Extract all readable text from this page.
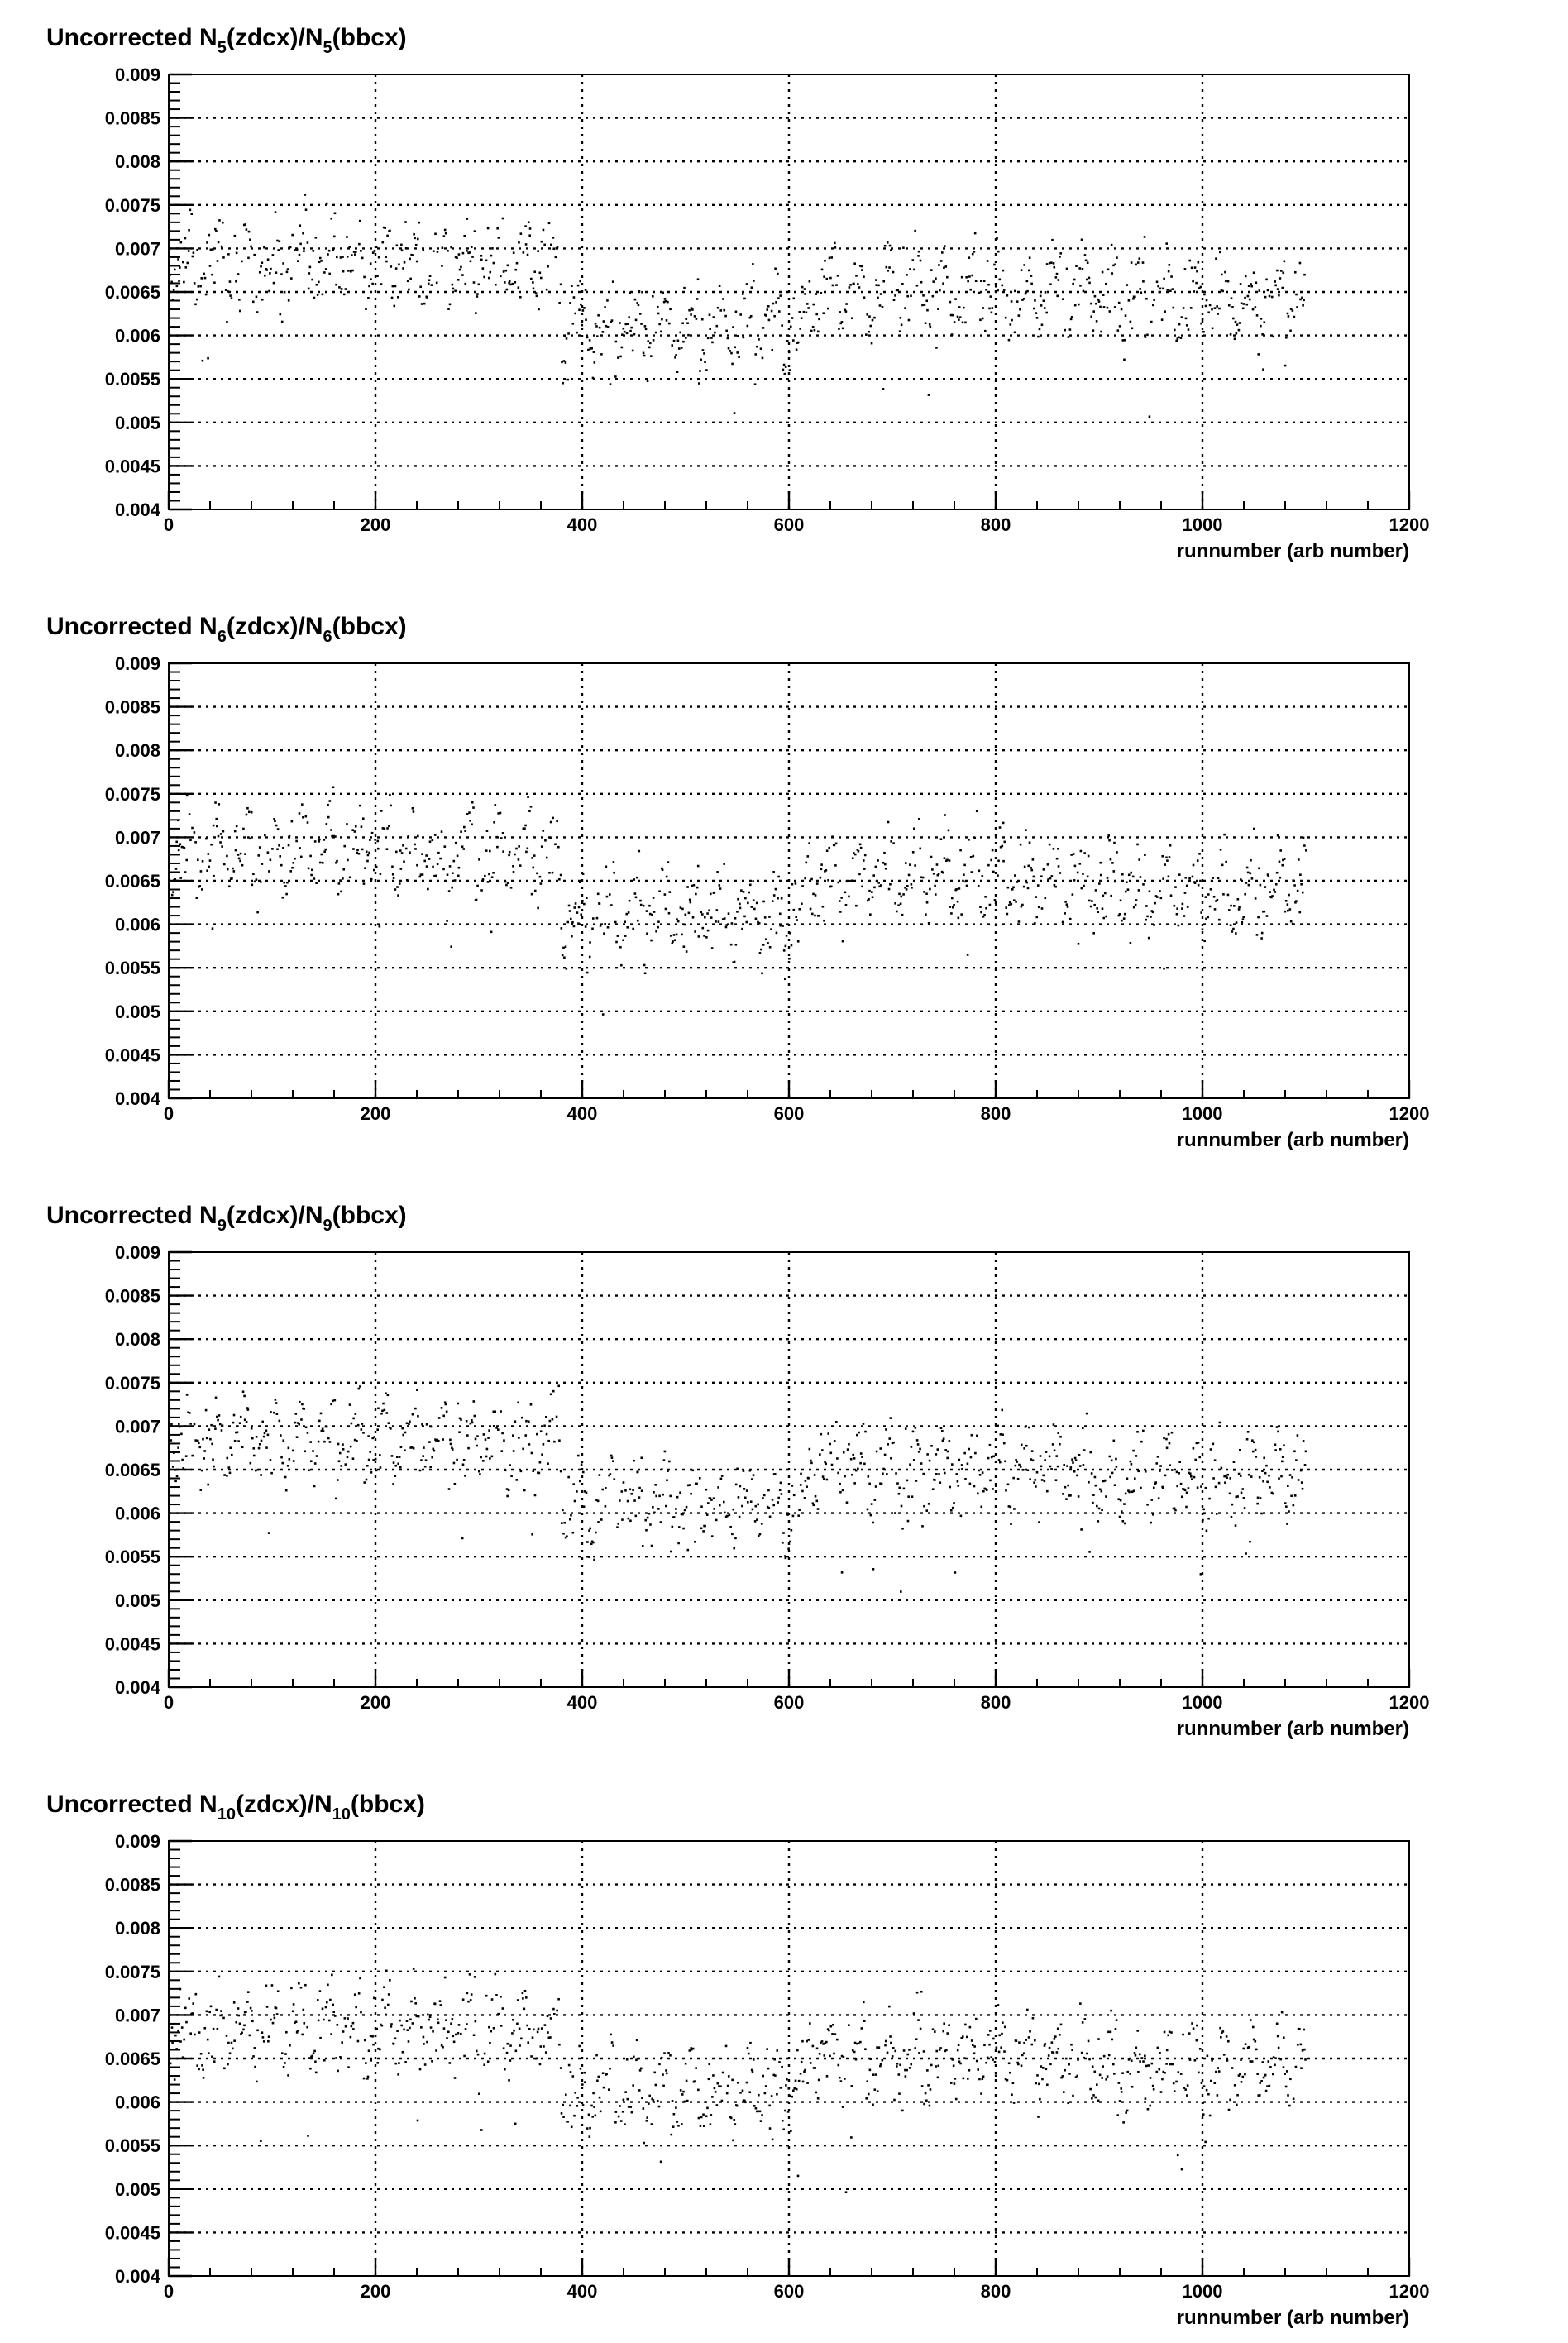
Uncorrected $N_5(zdcx)/N_5(bbcx)$
0.004
0.0045
0.005
0.0055
0.006
0.0065
0.007
0.0075
0.008
0.0085
0.009
0	200	400	600	800	1000	1200
runnumber (arb number)
Uncorrected $N_6(zdcx)/N_6(bbcx)$
0.004
0.0045
0.005
0.0055
0.006
0.0065
0.007
0.0075
0.008
0.0085
0.009
0	200	400	600	800	1000	1200
runnumber (arb number)
Uncorrected $N_9(zdcx)/N_9(bbcx)$
0.004
0.0045
0.005
0.0055
0.006
0.0065
0.007
0.0075
0.008
0.0085
0.009
0	200	400	600	800	1000	1200
runnumber (arb number)
Uncorrected $N_{10}(zdcx)/N_{10}(bbcx)$
0.004
0.0045
0.005
0.0055
0.006
0.0065
0.007
0.0075
0.008
0.0085
0.009
0	200	400	600	800	1000	1200
runnumber (arb number)
